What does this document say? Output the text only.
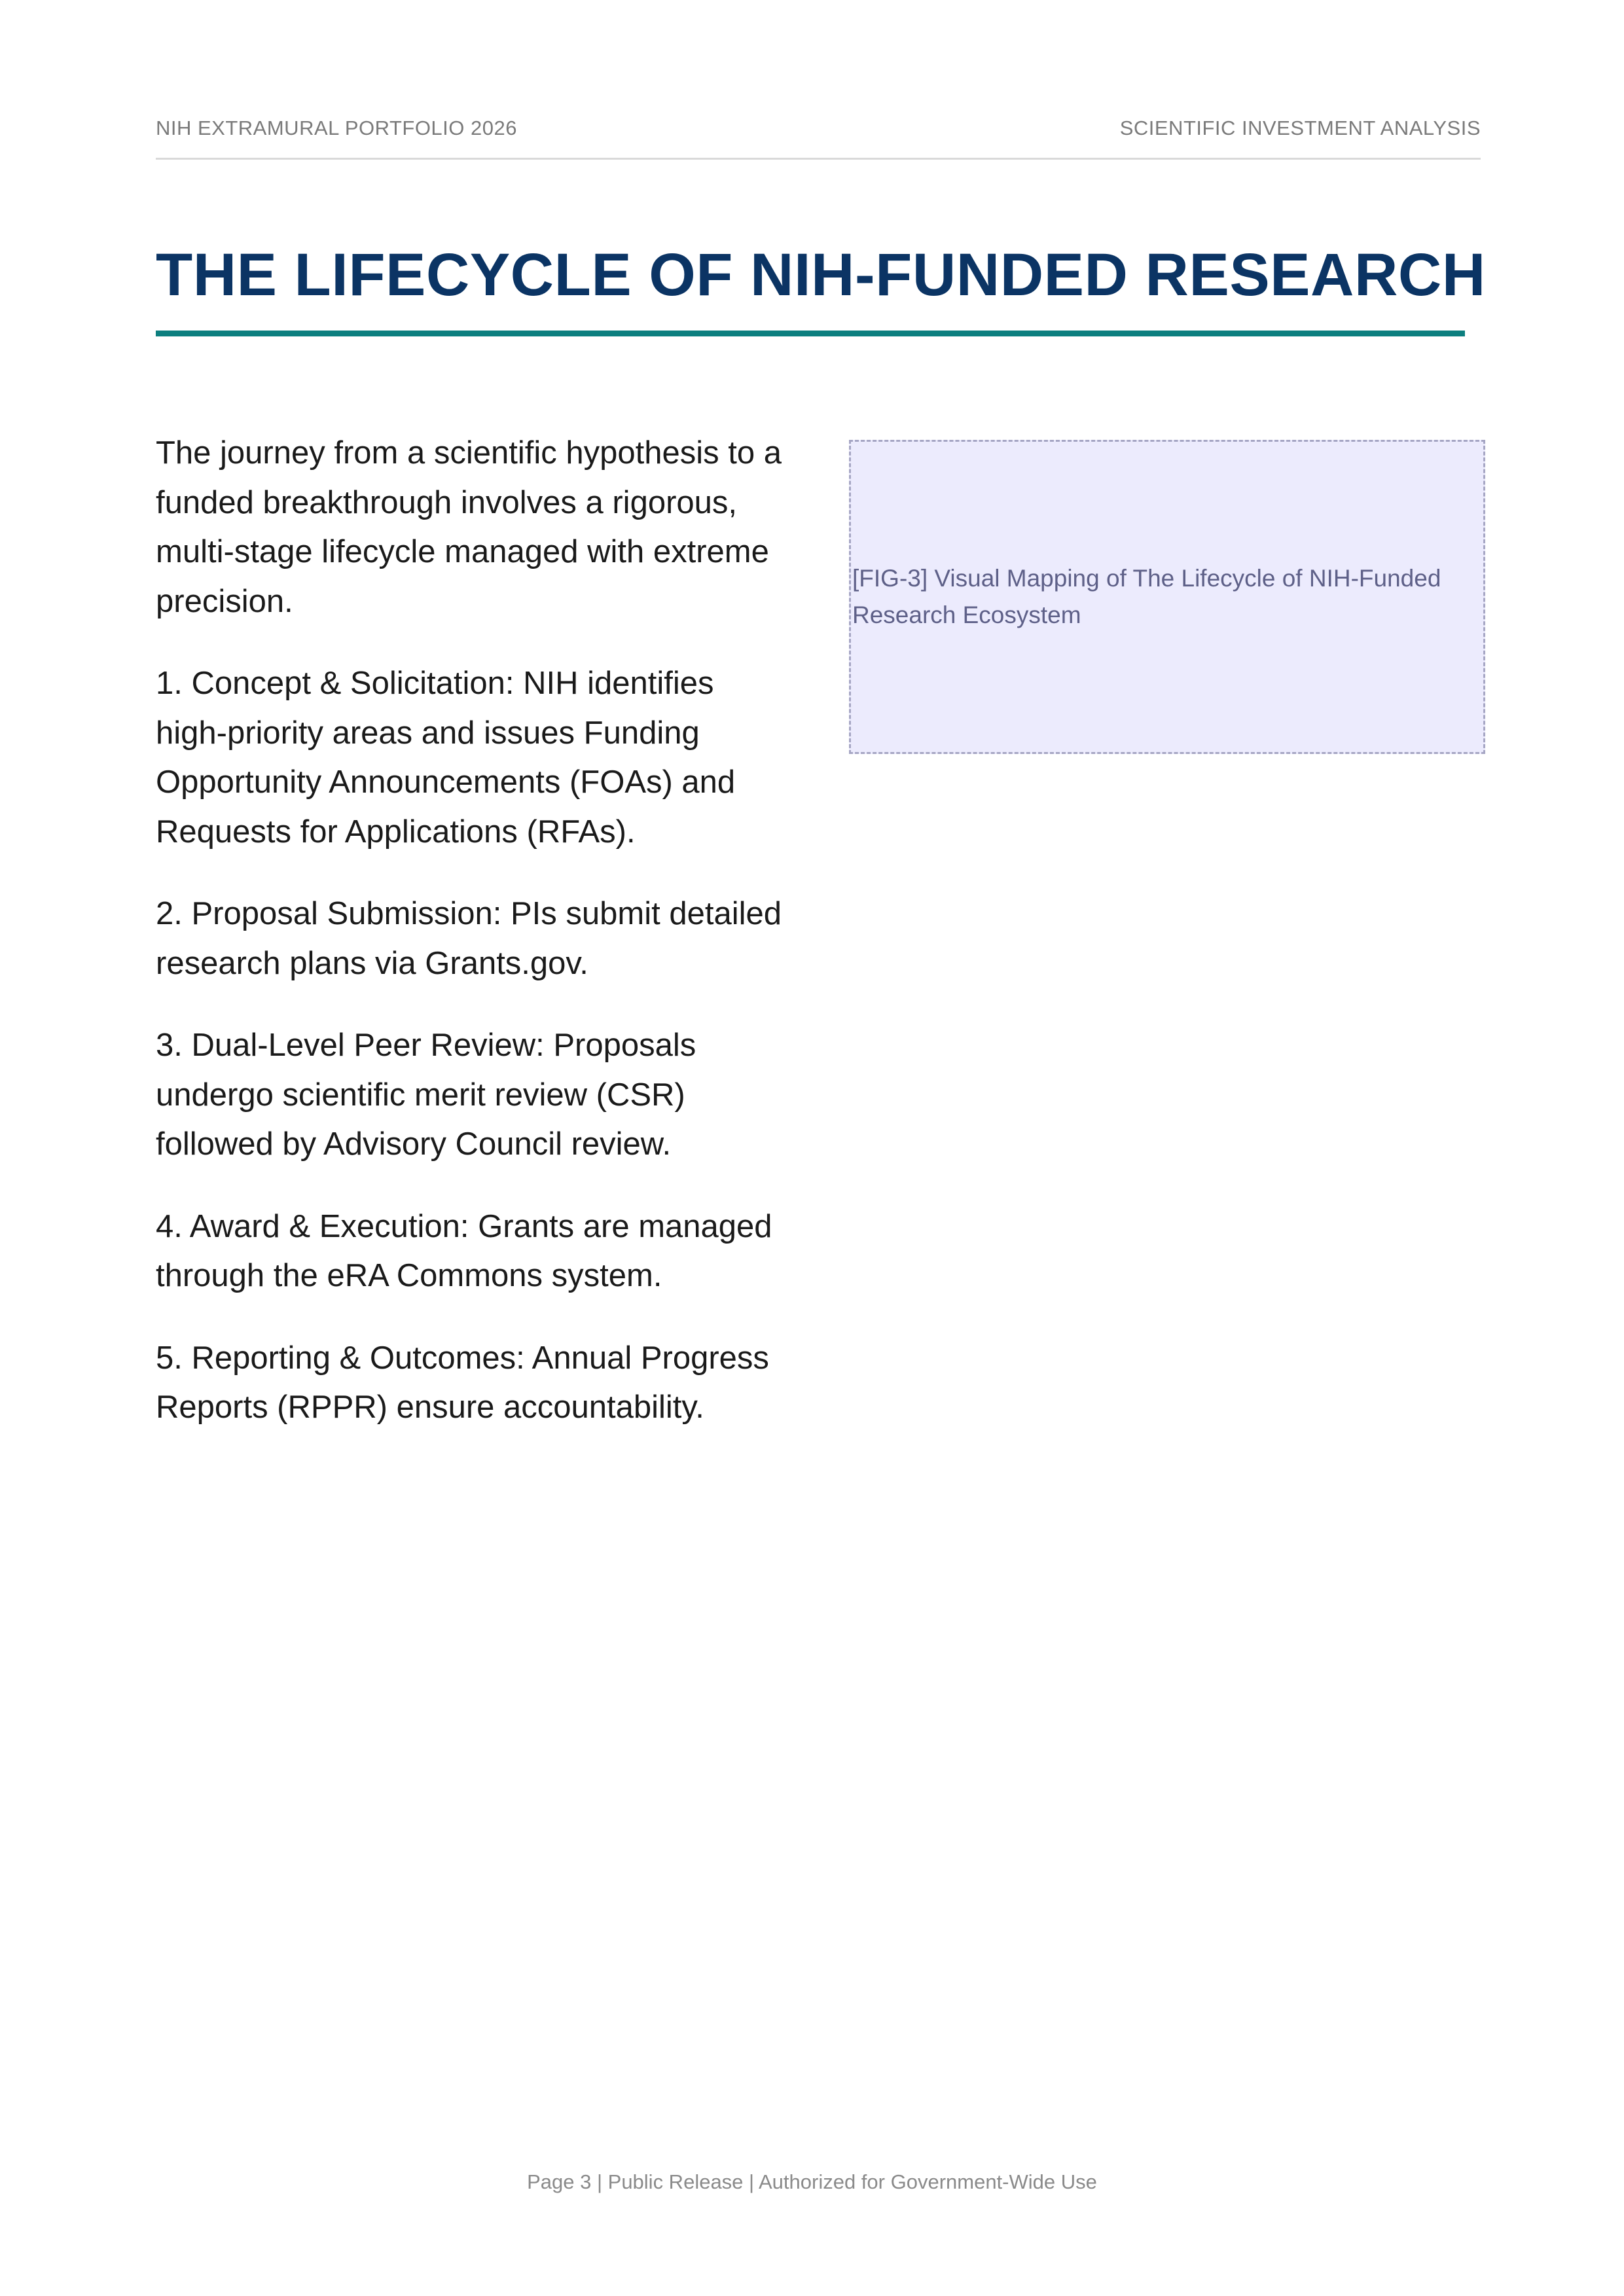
NIH EXTRAMURAL PORTFOLIO 2026	SCIENTIFIC INVESTMENT ANALYSIS
THE LIFECYCLE OF NIH-FUNDED RESEARCH

The journey from a scientific hypothesis to a funded breakthrough involves a rigorous, multi-stage lifecycle managed with extreme precision.

1. Concept & Solicitation: NIH identifies high-priority areas and issues Funding Opportunity Announcements (FOAs) and Requests for Applications (RFAs).

2. Proposal Submission: PIs submit detailed research plans via Grants.gov.

3. Dual-Level Peer Review: Proposals undergo scientific merit review (CSR) followed by Advisory Council review.

4. Award & Execution: Grants are managed through the eRA Commons system.

5. Reporting & Outcomes: Annual Progress Reports (RPPR) ensure accountability.

[FIG-3] Visual Mapping of The Lifecycle of NIH-Funded Research Ecosystem
Page 3 | Public Release | Authorized for Government-Wide Use
